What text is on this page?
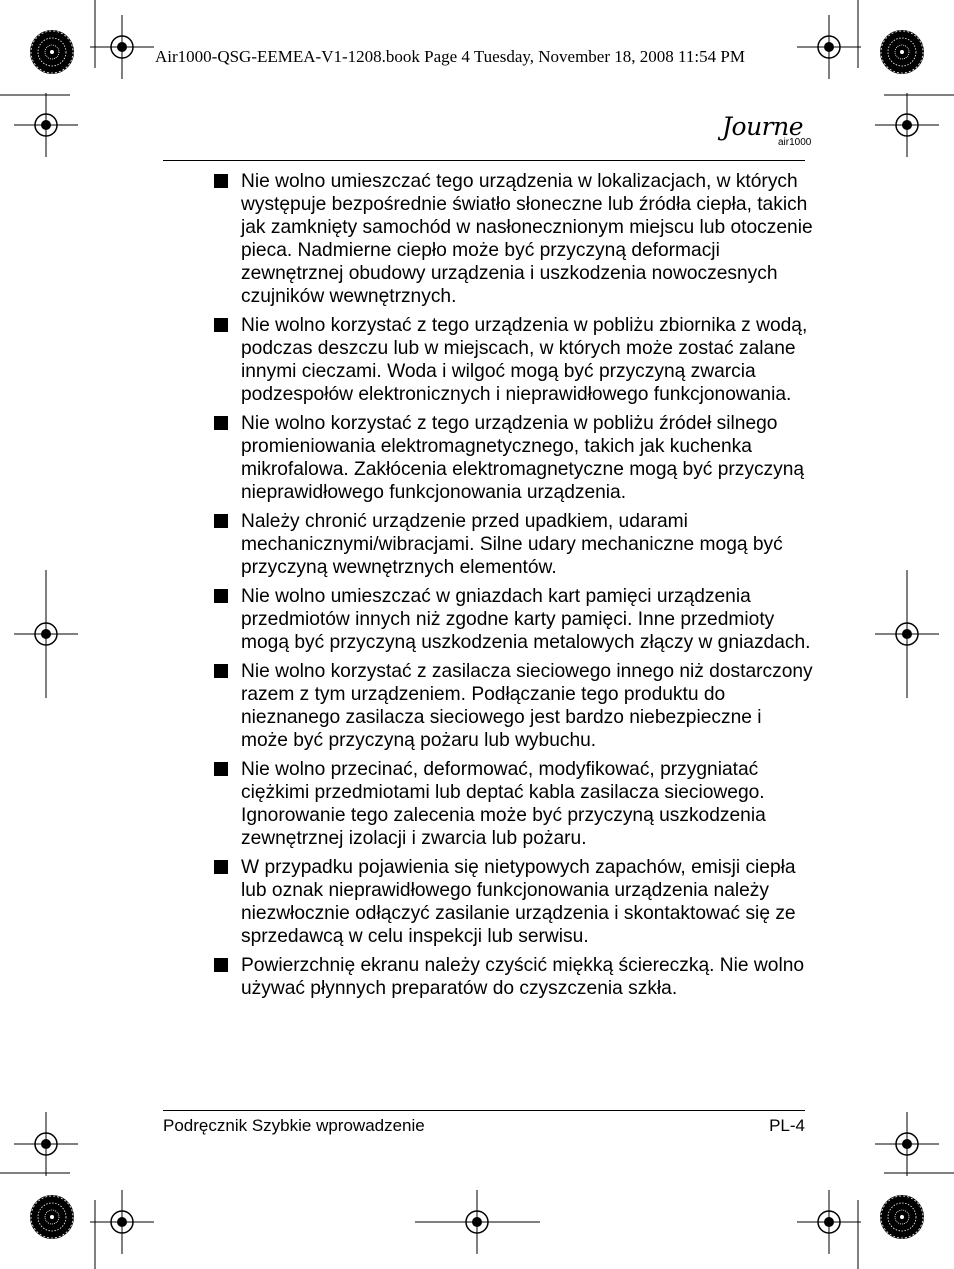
Air1000-QSG-EEMEA-V1-1208.book Page 4 Tuesday, November 18, 2008 11:54 PM
Journe
air1000
Nie wolno umieszczać tego urządzenia w lokalizacjach, w których występuje bezpośrednie światło słoneczne lub źródła ciepła, takich jak zamknięty samochód w nasłonecznionym miejscu lub otoczenie pieca. Nadmierne ciepło może być przyczyną deformacji zewnętrznej obudowy urządzenia i uszkodzenia nowoczesnych czujników wewnętrznych.
Nie wolno korzystać z tego urządzenia w pobliżu zbiornika z wodą, podczas deszczu lub w miejscach, w których może zostać zalane innymi cieczami. Woda i wilgoć mogą być przyczyną zwarcia podzespołów elektronicznych i nieprawidłowego funkcjonowania.
Nie wolno korzystać z tego urządzenia w pobliżu źródeł silnego promieniowania elektromagnetycznego, takich jak kuchenka mikrofalowa. Zakłócenia elektromagnetyczne mogą być przyczyną nieprawidłowego funkcjonowania urządzenia.
Należy chronić urządzenie przed upadkiem, udarami mechanicznymi/wibracjami. Silne udary mechaniczne mogą być przyczyną wewnętrznych elementów.
Nie wolno umieszczać w gniazdach kart pamięci urządzenia przedmiotów innych niż zgodne karty pamięci. Inne przedmioty mogą być przyczyną uszkodzenia metalowych złączy w gniazdach.
Nie wolno korzystać z zasilacza sieciowego innego niż dostarczony razem z tym urządzeniem. Podłączanie tego produktu do nieznanego zasilacza sieciowego jest bardzo niebezpieczne i może być przyczyną pożaru lub wybuchu.
Nie wolno przecinać, deformować, modyfikować, przygniatać ciężkimi przedmiotami lub deptać kabla zasilacza sieciowego. Ignorowanie tego zalecenia może być przyczyną uszkodzenia zewnętrznej izolacji i zwarcia lub pożaru.
W przypadku pojawienia się nietypowych zapachów, emisji ciepła lub oznak nieprawidłowego funkcjonowania urządzenia należy niezwłocznie odłączyć zasilanie urządzenia i skontaktować się ze sprzedawcą w celu inspekcji lub serwisu.
Powierzchnię ekranu należy czyścić miękką ściereczką. Nie wolno używać płynnych preparatów do czyszczenia szkła.
Podręcznik Szybkie wprowadzenie	PL-4
